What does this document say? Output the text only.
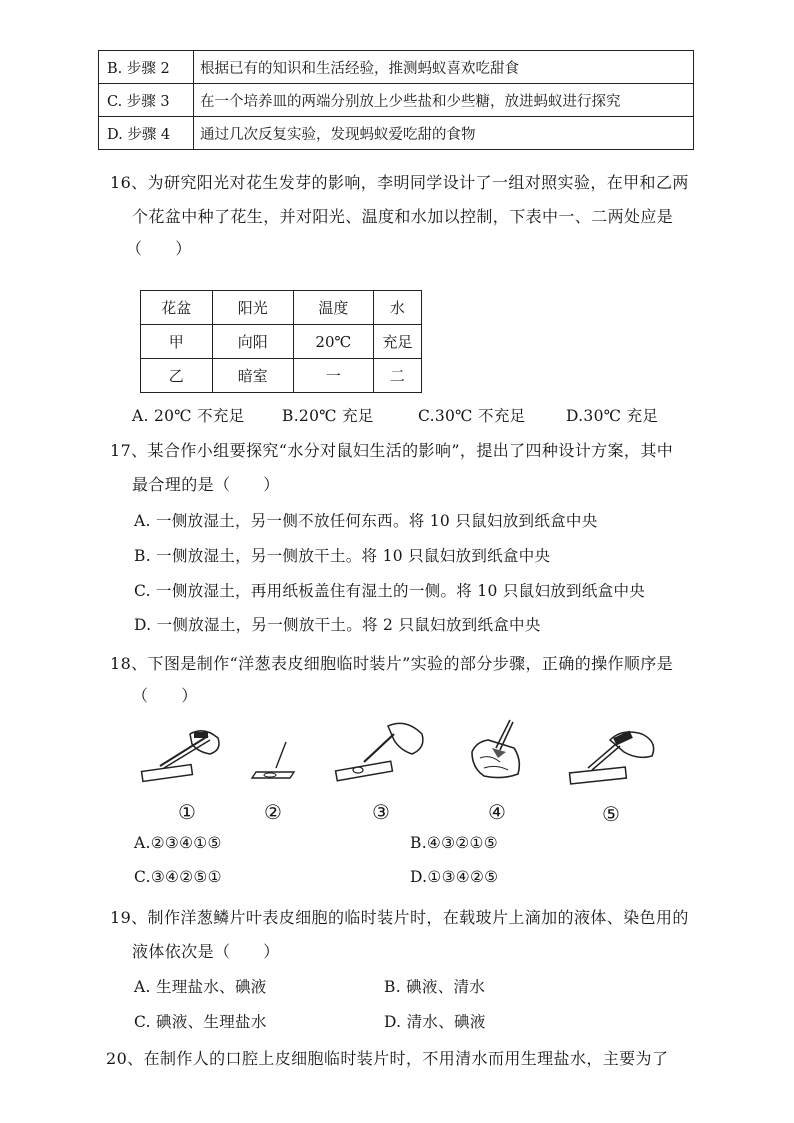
B. 步骤 2	根据已有的知识和生活经验，推测蚂蚁喜欢吃甜食
C. 步骤 3	在一个培养皿的两端分别放上少些盐和少些糖，放进蚂蚁进行探究
D. 步骤 4	通过几次反复实验，发现蚂蚁爱吃甜的食物
16、为研究阳光对花生发芽的影响，李明同学设计了一组对照实验，在甲和乙两
个花盆中种了花生，并对阳光、温度和水加以控制，下表中一、二两处应是
（　　）
花盆	阳光	温度	水
甲	向阳	20℃	充足
乙	暗室	一	二
A. 20℃ 不充足 B.20℃ 充足	C.30℃ 不充足	D.30℃ 充足
17、某合作小组要探究“水分对鼠妇生活的影响”，提出了四种设计方案，其中
最合理的是（　　）
A. 一侧放湿土，另一侧不放任何东西。将 10 只鼠妇放到纸盒中央
B. 一侧放湿土，另一侧放干土。将 10 只鼠妇放到纸盒中央
C. 一侧放湿土，再用纸板盖住有湿土的一侧。将 10 只鼠妇放到纸盒中央
D. 一侧放湿土，另一侧放干土。将 2 只鼠妇放到纸盒中央
18、下图是制作“洋葱表皮细胞临时装片”实验的部分步骤，正确的操作顺序是
（　　）
①	②	③	④	⑤
A.②③④①⑤	B.④③②①⑤
C.③④②⑤①	D.①③④②⑤
19、制作洋葱鳞片叶表皮细胞的临时装片时，在载玻片上滴加的液体、染色用的
液体依次是（　　）
A. 生理盐水、碘液	B. 碘液、清水
C. 碘液、生理盐水	D. 清水、碘液
20、在制作人的口腔上皮细胞临时装片时，不用清水而用生理盐水，主要为了
